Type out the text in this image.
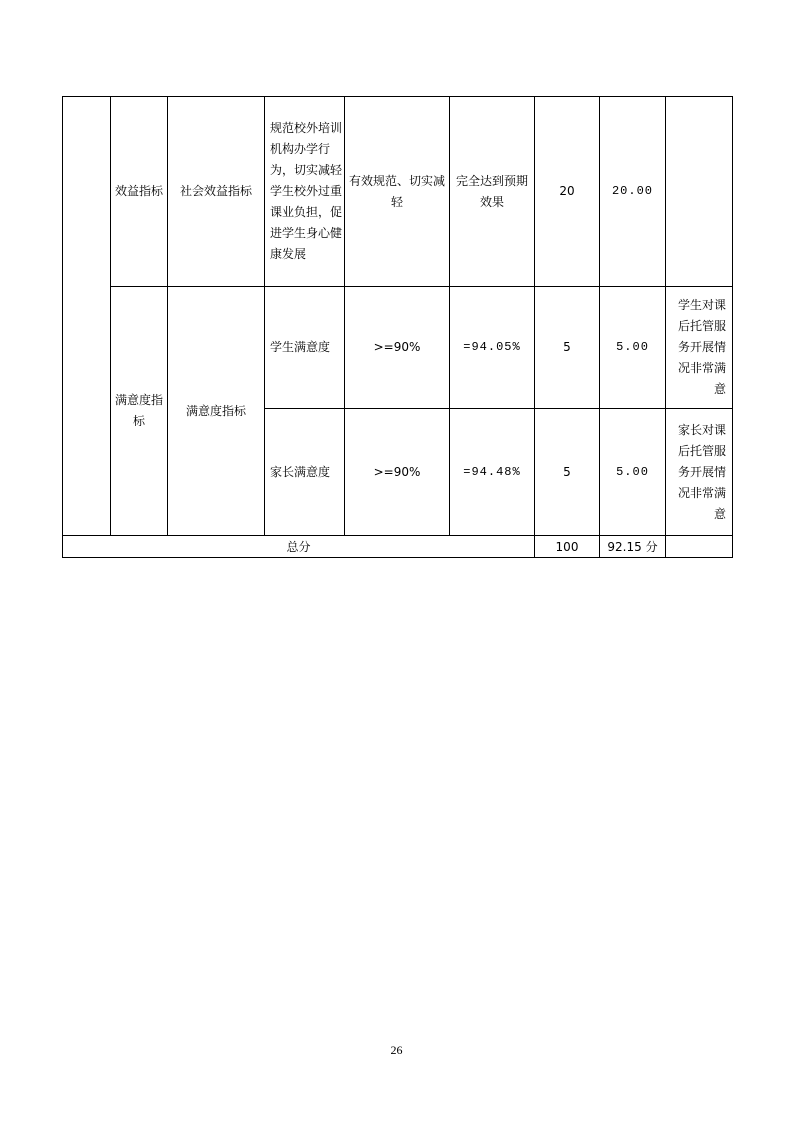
	效益指标	社会效益指标	规范校外培训机构办学行为，切实减轻学生校外过重课业负担，促进学生身心健康发展	有效规范、切实减轻	完全达到预期效果	20	20.00	
	满意度指标	满意度指标	学生满意度	>=90%	=94.05%	5	5.00	学生对课后托管服务开展情况非常满意
			家长满意度	>=90%	=94.48%	5	5.00	家长对课后托管服务开展情况非常满意
总分						100	92.15 分	
26
